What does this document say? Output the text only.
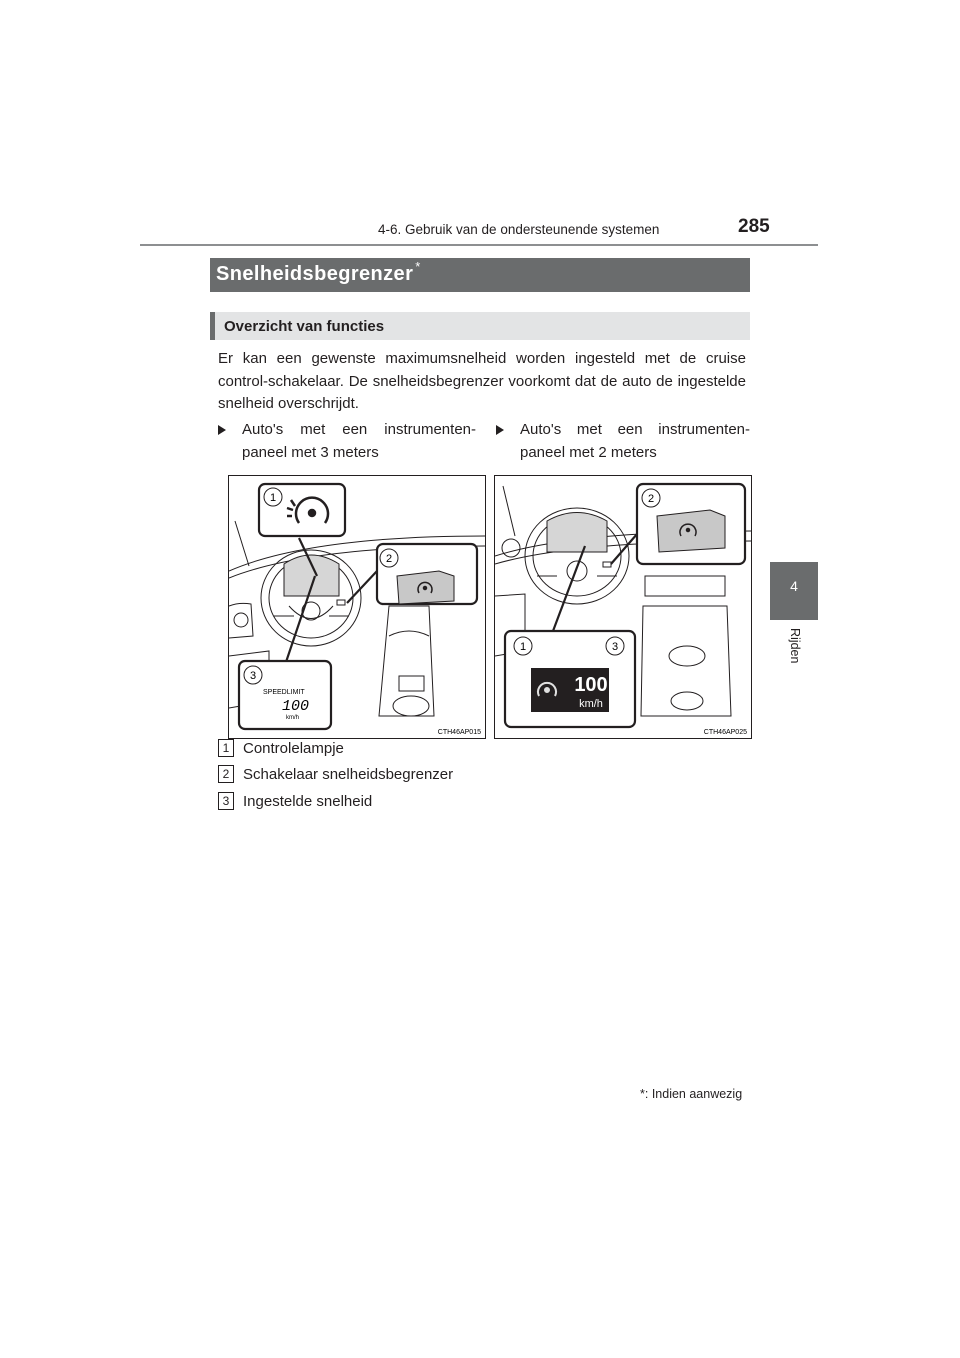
4-6. Gebruik van de ondersteunende systemen	285
4
Rijden
Snelheidsbegrenzer *
Overzicht van functies
Er kan een gewenste maximumsnelheid worden ingesteld met de cruise control-schakelaar. De snelheidsbegrenzer voorkomt dat de auto de ingestelde snelheid overschrijdt.
Auto's met een instrumenten-paneel met 3 meters
Auto's met een instrumenten-paneel met 2 meters
1
2
3
SPEEDLIMIT
100
km/h
CTH46AP015
2
1	3
100
km/h
CTH46AP025
1 Controlelampje
2 Schakelaar snelheidsbegrenzer
3 Ingestelde snelheid
*: Indien aanwezig
